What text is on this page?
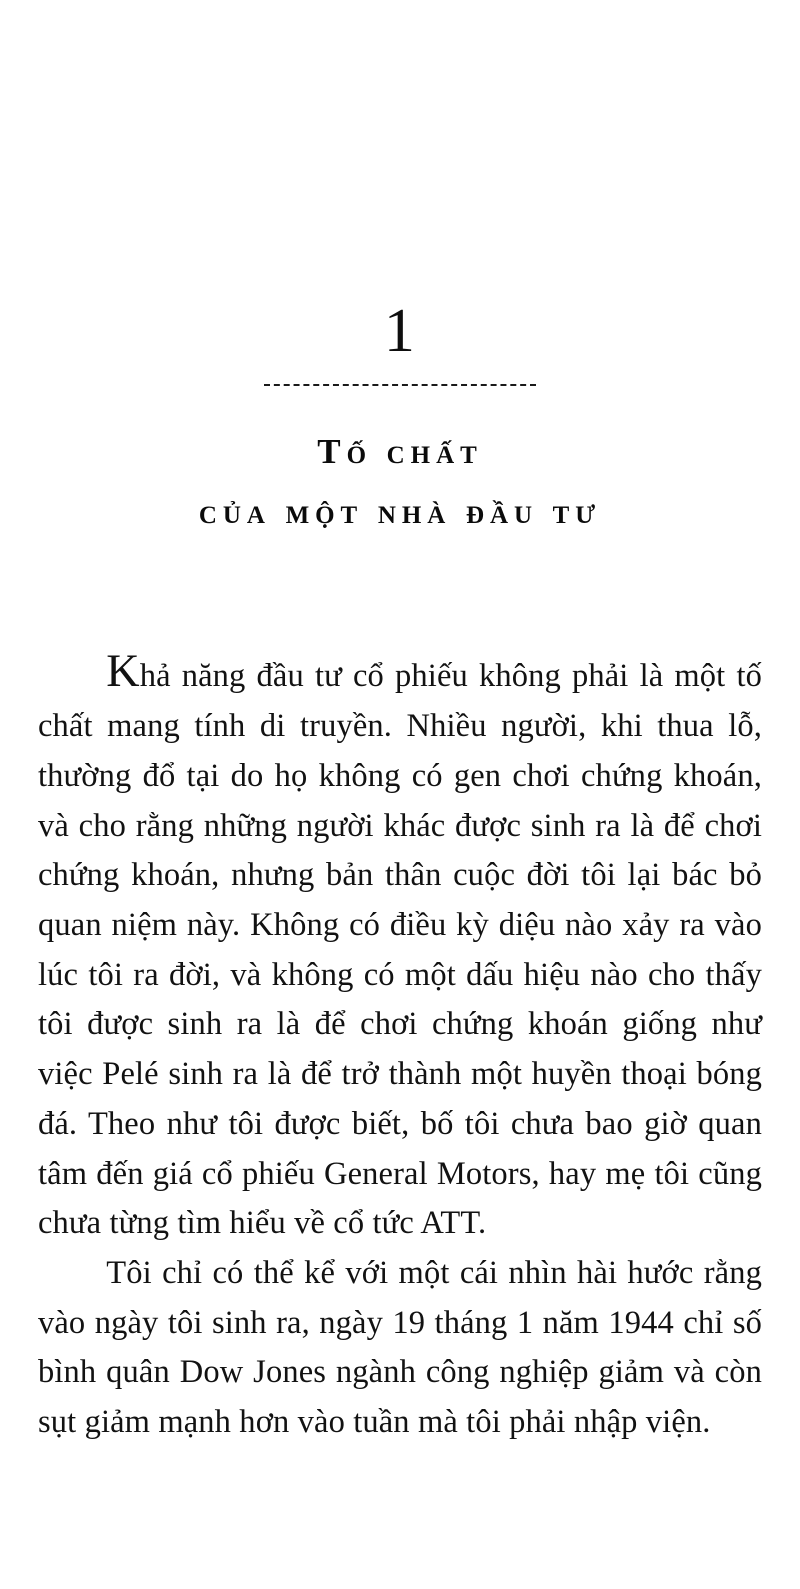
1
Tố chất
của một nhà đầu tư

Khả năng đầu tư cổ phiếu không phải là một tố chất mang tính di truyền. Nhiều người, khi thua lỗ, thường đổ tại do họ không có gen chơi chứng khoán, và cho rằng những người khác được sinh ra là để chơi chứng khoán, nhưng bản thân cuộc đời tôi lại bác bỏ quan niệm này. Không có điều kỳ diệu nào xảy ra vào lúc tôi ra đời, và không có một dấu hiệu nào cho thấy tôi được sinh ra là để chơi chứng khoán giống như việc Pelé sinh ra là để trở thành một huyền thoại bóng đá. Theo như tôi được biết, bố tôi chưa bao giờ quan tâm đến giá cổ phiếu General Motors, hay mẹ tôi cũng chưa từng tìm hiểu về cổ tức ATT.

Tôi chỉ có thể kể với một cái nhìn hài hước rằng vào ngày tôi sinh ra, ngày 19 tháng 1 năm 1944 chỉ số bình quân Dow Jones ngành công nghiệp giảm và còn sụt giảm mạnh hơn vào tuần mà tôi phải nhập viện.
